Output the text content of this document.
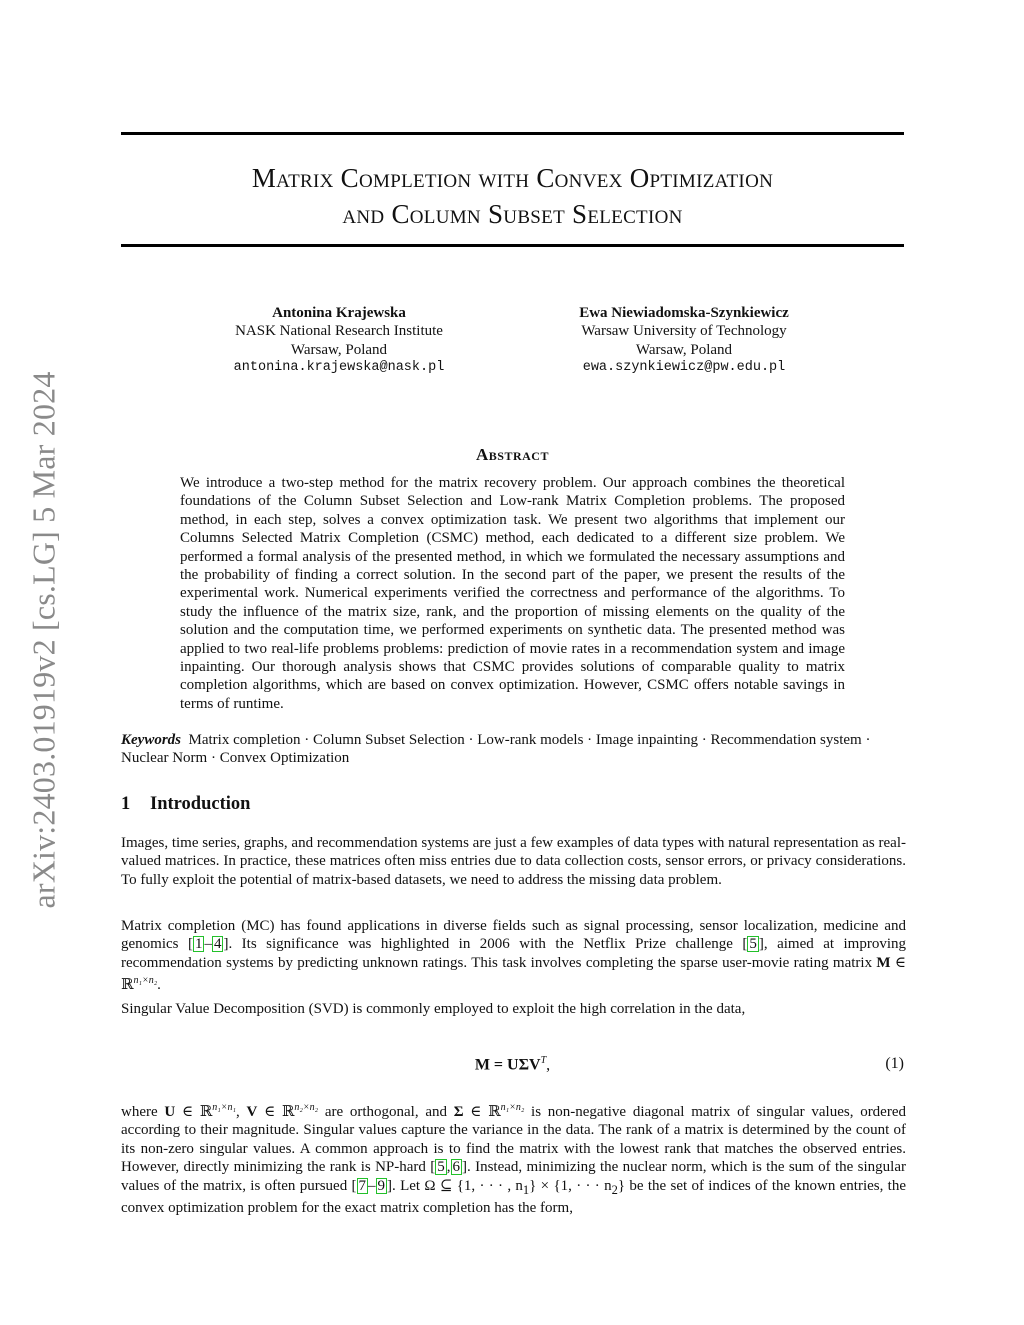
arXiv:2403.01919v2 [cs.LG] 5 Mar 2024
Matrix Completion with Convex Optimization
and Column Subset Selection
Antonina Krajewska
NASK National Research Institute
Warsaw, Poland
antonina.krajewska@nask.pl
Ewa Niewiadomska-Szynkiewicz
Warsaw University of Technology
Warsaw, Poland
ewa.szynkiewicz@pw.edu.pl
Abstract
We introduce a two-step method for the matrix recovery problem. Our approach combines the theoretical foundations of the Column Subset Selection and Low-rank Matrix Completion problems. The proposed method, in each step, solves a convex optimization task. We present two algorithms that implement our Columns Selected Matrix Completion (CSMC) method, each dedicated to a different size problem. We performed a formal analysis of the presented method, in which we formulated the necessary assumptions and the probability of finding a correct solution. In the second part of the paper, we present the results of the experimental work. Numerical experiments verified the correctness and performance of the algorithms. To study the influence of the matrix size, rank, and the proportion of missing elements on the quality of the solution and the computation time, we performed experiments on synthetic data. The presented method was applied to two real-life problems problems: prediction of movie rates in a recommendation system and image inpainting. Our thorough analysis shows that CSMC provides solutions of comparable quality to matrix completion algorithms, which are based on convex optimization. However, CSMC offers notable savings in terms of runtime.
Keywords Matrix completion · Column Subset Selection · Low-rank models · Image inpainting · Recommendation system · Nuclear Norm · Convex Optimization
1 Introduction

Images, time series, graphs, and recommendation systems are just a few examples of data types with natural representation as real-valued matrices. In practice, these matrices often miss entries due to data collection costs, sensor errors, or privacy considerations. To fully exploit the potential of matrix-based datasets, we need to address the missing data problem.

Matrix completion (MC) has found applications in diverse fields such as signal processing, sensor localization, medicine and genomics [ 1 – 4 ]. Its significance was highlighted in 2006 with the Netflix Prize challenge [ 5 ], aimed at improving recommendation systems by predicting unknown ratings. This task involves completing the sparse user-movie rating matrix M ∈ ℝ$^{n_1\times n_2}$.

Singular Value Decomposition (SVD) is commonly employed to exploit the high correlation in the data,

$M = U\Sigma V^T$,	(1)

where U ∈ ℝ$^{n_1\times n_1}$, V ∈ ℝ$^{n_2\times n_2}$ are orthogonal, and Σ ∈ ℝ$^{n_1\times n_2}$ is non-negative diagonal matrix of singular values, ordered according to their magnitude. Singular values capture the variance in the data. The rank of a matrix is determined by the count of its non-zero singular values. A common approach is to find the matrix with the lowest rank that matches the observed entries. However, directly minimizing the rank is NP-hard [ 5 , 6 ]. Instead, minimizing the nuclear norm, which is the sum of the singular values of the matrix, is often pursued [ 7 – 9 ]. Let Ω ⊆ {1, · · · , $n_1\} \times \{1$, · · · $n_2$} be the set of indices of the known entries, the convex optimization problem for the exact matrix completion has the form,
